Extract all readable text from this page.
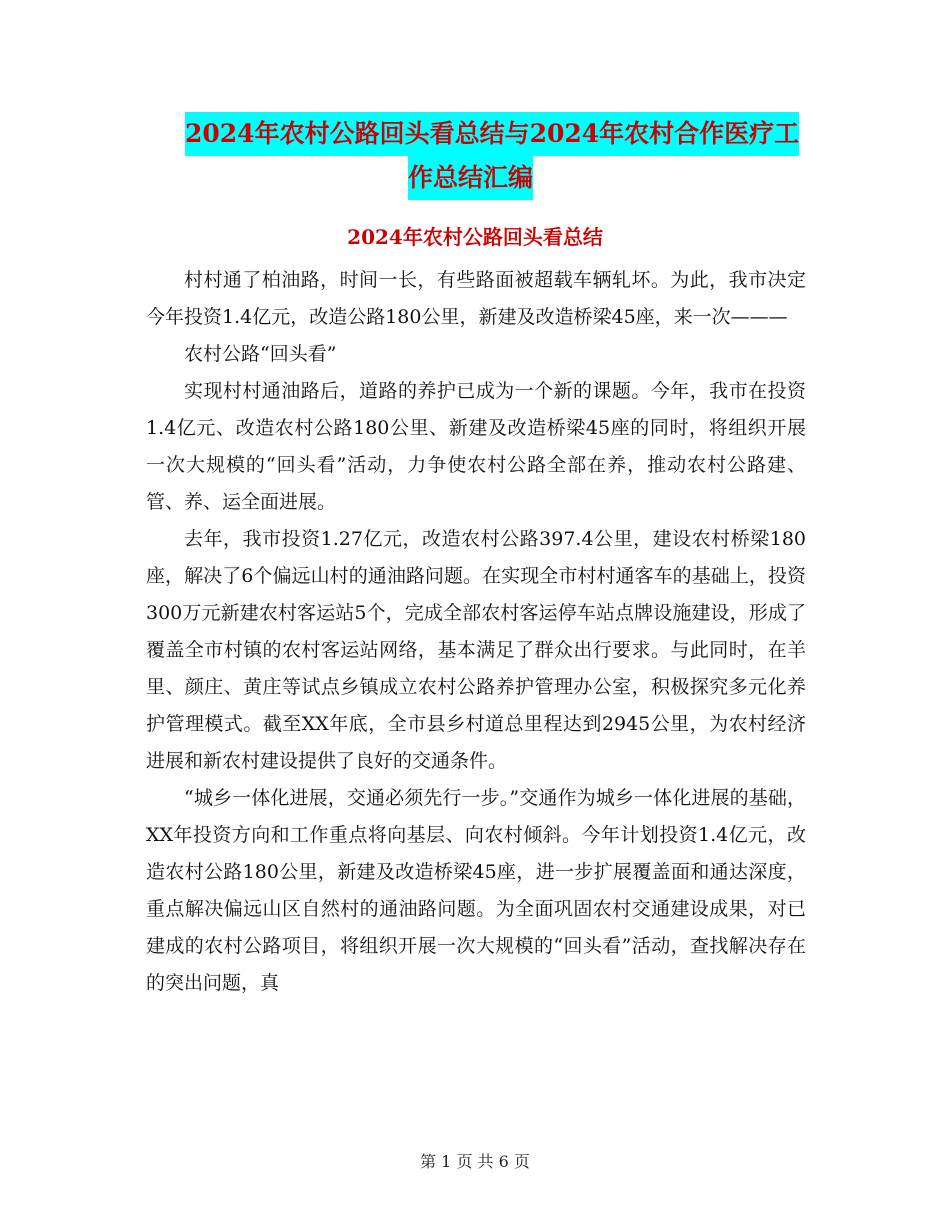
2024年农村公路回头看总结与2024年农村合作医疗工
作总结汇编
2024年农村公路回头看总结

村村通了柏油路，时间一长，有些路面被超载车辆轧坏。为此，我市决定今年投资1.4亿元，改造公路180公里，新建及改造桥梁45座，来一次———

农村公路“回头看”

实现村村通油路后，道路的养护已成为一个新的课题。今年，我市在投资1.4亿元、改造农村公路180公里、新建及改造桥梁45座的同时，将组织开展一次大规模的“回头看”活动，力争使农村公路全部在养，推动农村公路建、管、养、运全面进展。

去年，我市投资1.27亿元，改造农村公路397.4公里，建设农村桥梁180座，解决了6个偏远山村的通油路问题。在实现全市村村通客车的基础上，投资300万元新建农村客运站5个，完成全部农村客运停车站点牌设施建设，形成了覆盖全市村镇的农村客运站网络，基本满足了群众出行要求。与此同时，在羊里、颜庄、黄庄等试点乡镇成立农村公路养护管理办公室，积极探究多元化养护管理模式。截至XX年底，全市县乡村道总里程达到2945公里，为农村经济进展和新农村建设提供了良好的交通条件。

“城乡一体化进展，交通必须先行一步。”交通作为城乡一体化进展的基础，XX年投资方向和工作重点将向基层、向农村倾斜。今年计划投资1.4亿元，改造农村公路180公里，新建及改造桥梁45座，进一步扩展覆盖面和通达深度，重点解决偏远山区自然村的通油路问题。为全面巩固农村交通建设成果，对已建成的农村公路项目，将组织开展一次大规模的“回头看”活动，查找解决存在的突出问题，真

第 1 页 共 6 页
